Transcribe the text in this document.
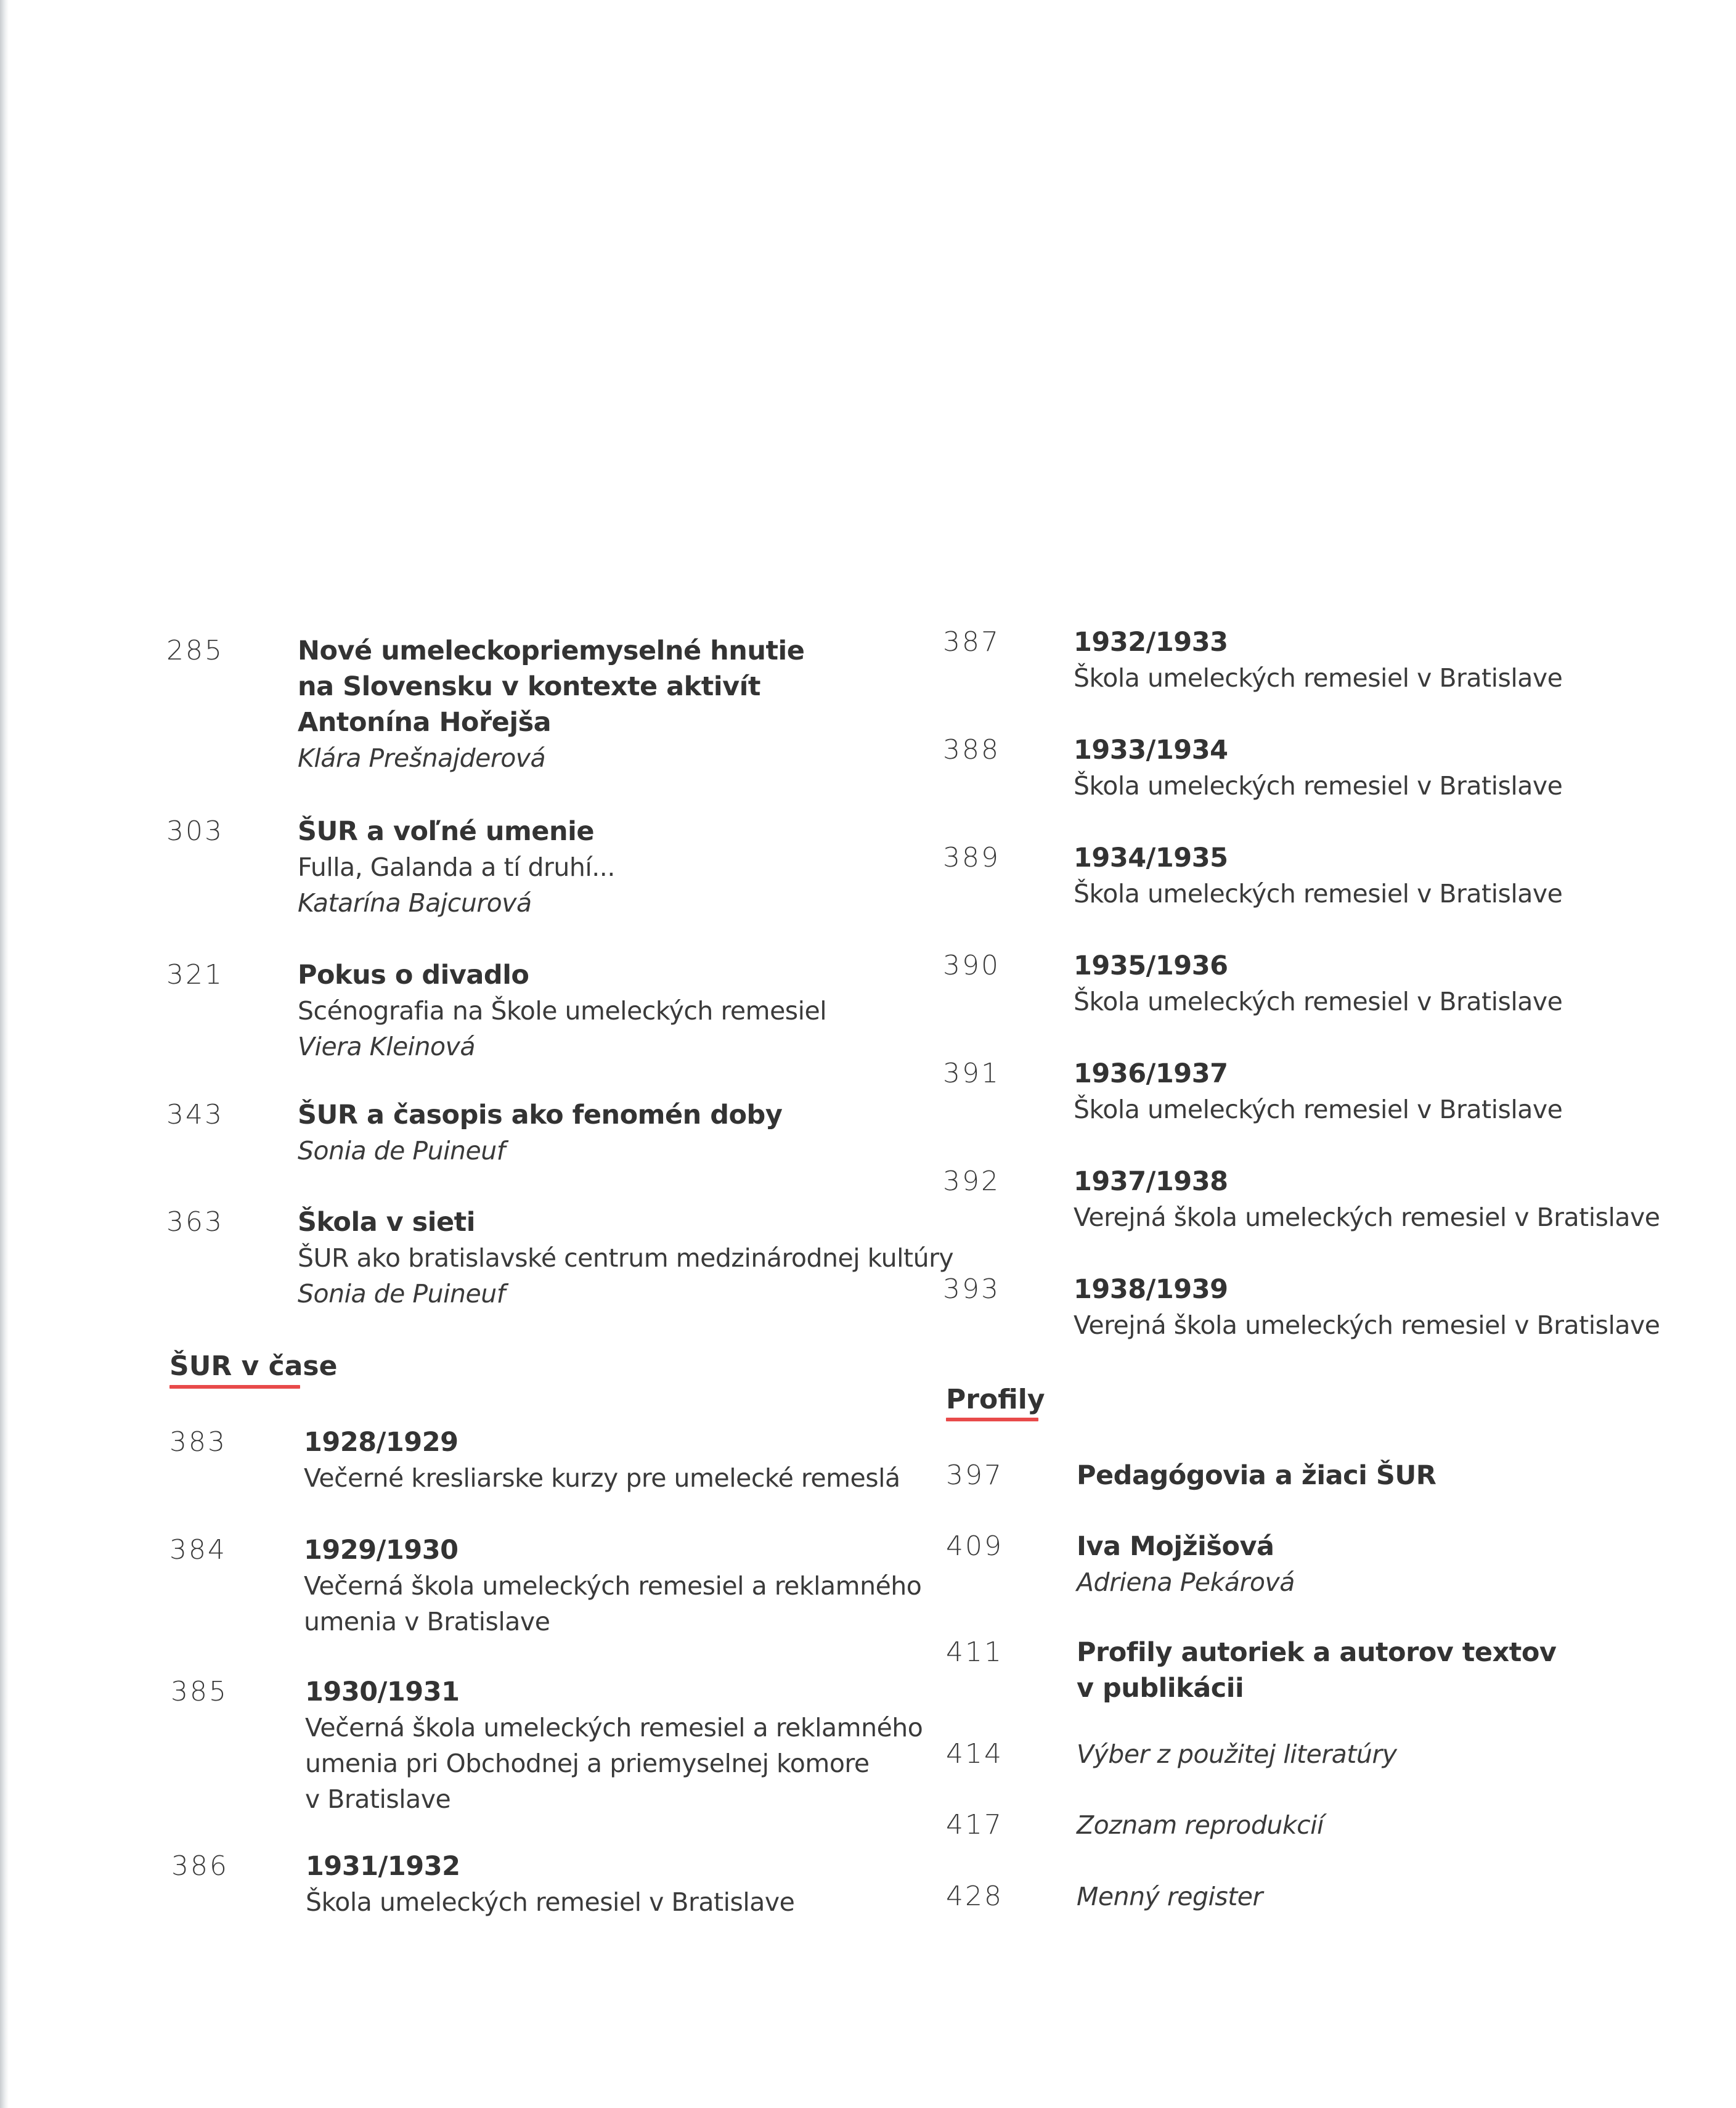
285	Nové umeleckopriemyselné hnutie
na Slovensku v kontexte aktivít
Antonína Hořejša
Klára Prešnajderová
303	ŠUR a voľné umenie
Fulla, Galanda a tí druhí...
Katarína Bajcurová
321	Pokus o divadlo
Scénografia na Škole umeleckých remesiel
Viera Kleinová
343	ŠUR a časopis ako fenomén doby
Sonia de Puineuf
363	Škola v sieti
ŠUR ako bratislavské centrum medzinárodnej kultúry
Sonia de Puineuf
ŠUR v čase
383	1928/1929
Večerné kresliarske kurzy pre umelecké remeslá
384	1929/1930
Večerná škola umeleckých remesiel a reklamného
umenia v Bratislave
385	1930/1931
Večerná škola umeleckých remesiel a reklamného
umenia pri Obchodnej a priemyselnej komore
v Bratislave
386	1931/1932
Škola umeleckých remesiel v Bratislave
387	1932/1933
Škola umeleckých remesiel v Bratislave
388	1933/1934
Škola umeleckých remesiel v Bratislave
389	1934/1935
Škola umeleckých remesiel v Bratislave
390	1935/1936
Škola umeleckých remesiel v Bratislave
391	1936/1937
Škola umeleckých remesiel v Bratislave
392	1937/1938
Verejná škola umeleckých remesiel v Bratislave
393	1938/1939
Verejná škola umeleckých remesiel v Bratislave
Profily
397	Pedagógovia a žiaci ŠUR
409	Iva Mojžišová
Adriena Pekárová
411	Profily autoriek a autorov textov
v publikácii
414	Výber z použitej literatúry
417	Zoznam reprodukcií
428	Menný register
